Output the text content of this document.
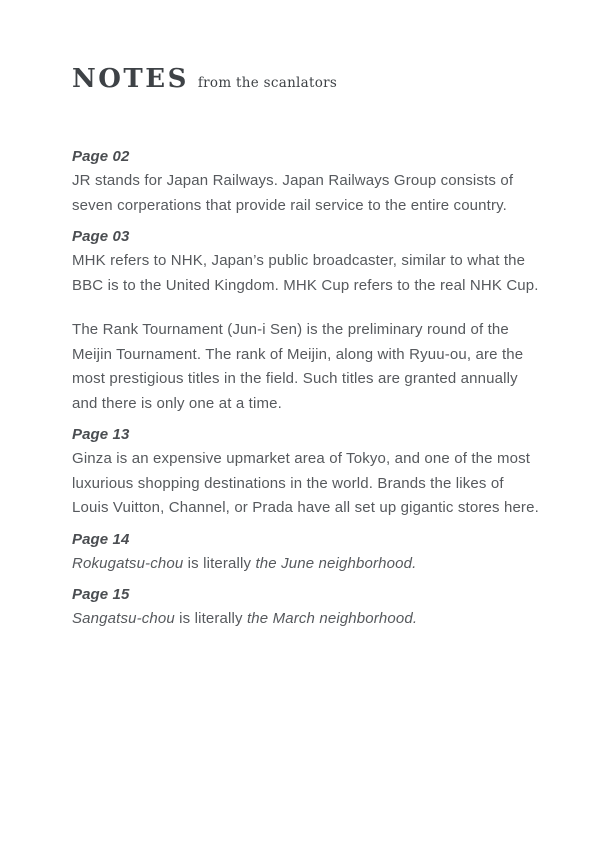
NOTES from the scanlators
Page 02

JR stands for Japan Railways. Japan Railways Group consists of
seven corperations that provide rail service to the entire country.

Page 03

MHK refers to NHK, Japan’s public broadcaster, similar to what the
BBC is to the United Kingdom. MHK Cup refers to the real NHK Cup.

The Rank Tournament (Jun-i Sen) is the preliminary round of the
Meijin Tournament. The rank of Meijin, along with Ryuu-ou, are the
most prestigious titles in the field. Such titles are granted annually
and there is only one at a time.

Page 13

Ginza is an expensive upmarket area of Tokyo, and one of the most
luxurious shopping destinations in the world. Brands the likes of
Louis Vuitton, Channel, or Prada have all set up gigantic stores here.

Page 14

Rokugatsu-chou is literally the June neighborhood.

Page 15

Sangatsu-chou is literally the March neighborhood.
